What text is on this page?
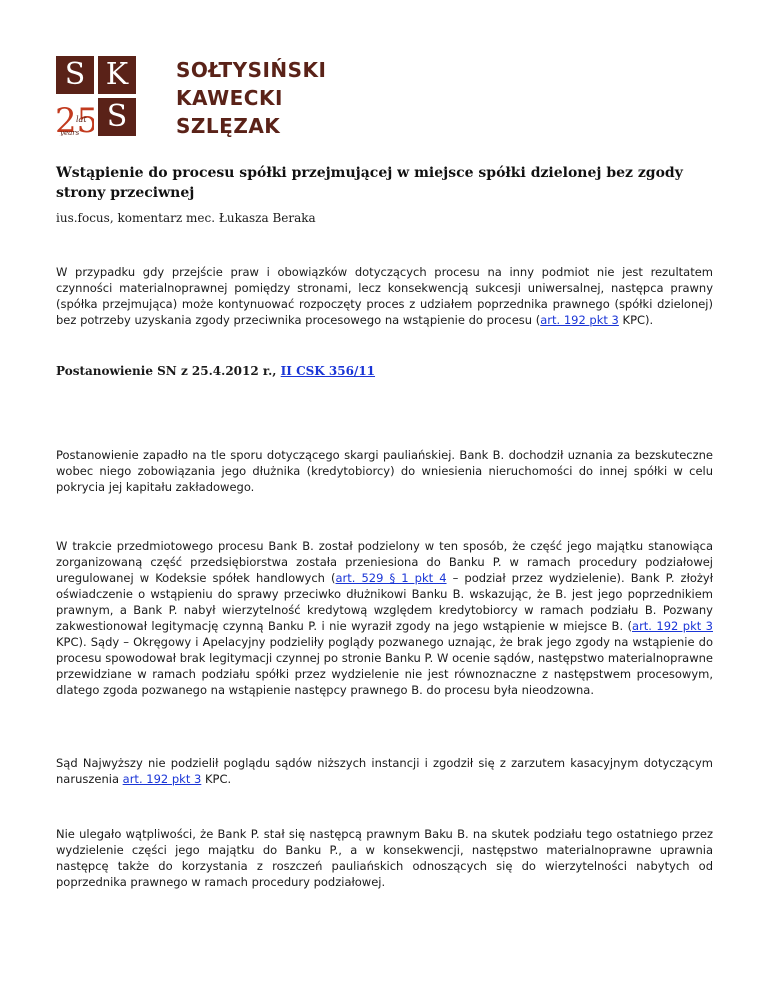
S K
25
lat
years S
SOŁTYSIŃSKI
KAWECKI
SZLĘZAK
Wstąpienie do procesu spółki przejmującej w miejsce spółki dzielonej bez zgody strony przeciwnej

ius.focus, komentarz mec. Łukasza Beraka

W przypadku gdy przejście praw i obowiązków dotyczących procesu na inny podmiot nie jest rezultatem czynności materialnoprawnej pomiędzy stronami, lecz konsekwencją sukcesji uniwersalnej, następca prawny (spółka przejmująca) może kontynuować rozpoczęty proces z udziałem poprzednika prawnego (spółki dzielonej) bez potrzeby uzyskania zgody przeciwnika procesowego na wstąpienie do procesu (art. 192 pkt 3 KPC).

Postanowienie SN z 25.4.2012 r., II CSK 356/11

Postanowienie zapadło na tle sporu dotyczącego skargi pauliańskiej. Bank B. dochodził uznania za bezskuteczne wobec niego zobowiązania jego dłużnika (kredytobiorcy) do wniesienia nieruchomości do innej spółki w celu pokrycia jej kapitału zakładowego.

W trakcie przedmiotowego procesu Bank B. został podzielony w ten sposób, że część jego majątku stanowiąca zorganizowaną część przedsiębiorstwa została przeniesiona do Banku P. w ramach procedury podziałowej uregulowanej w Kodeksie spółek handlowych (art. 529 § 1 pkt 4 – podział przez wydzielenie). Bank P. złożył oświadczenie o wstąpieniu do sprawy przeciwko dłużnikowi Banku B. wskazując, że B. jest jego poprzednikiem prawnym, a Bank P. nabył wierzytelność kredytową względem kredytobiorcy w ramach podziału B. Pozwany zakwestionował legitymację czynną Banku P. i nie wyraził zgody na jego wstąpienie w miejsce B. (art. 192 pkt 3 KPC). Sądy – Okręgowy i Apelacyjny podzieliły poglądy pozwanego uznając, że brak jego zgody na wstąpienie do procesu spowodował brak legitymacji czynnej po stronie Banku P. W ocenie sądów, następstwo materialnoprawne przewidziane w ramach podziału spółki przez wydzielenie nie jest równoznaczne z następstwem procesowym, dlatego zgoda pozwanego na wstąpienie następcy prawnego B. do procesu była nieodzowna.

Sąd Najwyższy nie podzielił poglądu sądów niższych instancji i zgodził się z zarzutem kasacyjnym dotyczącym naruszenia art. 192 pkt 3 KPC.

Nie ulegało wątpliwości, że Bank P. stał się następcą prawnym Baku B. na skutek podziału tego ostatniego przez wydzielenie części jego majątku do Banku P., a w konsekwencji, następstwo materialnoprawne uprawnia następcę także do korzystania z roszczeń pauliańskich odnoszących się do wierzytelności nabytych od poprzednika prawnego w ramach procedury podziałowej.
